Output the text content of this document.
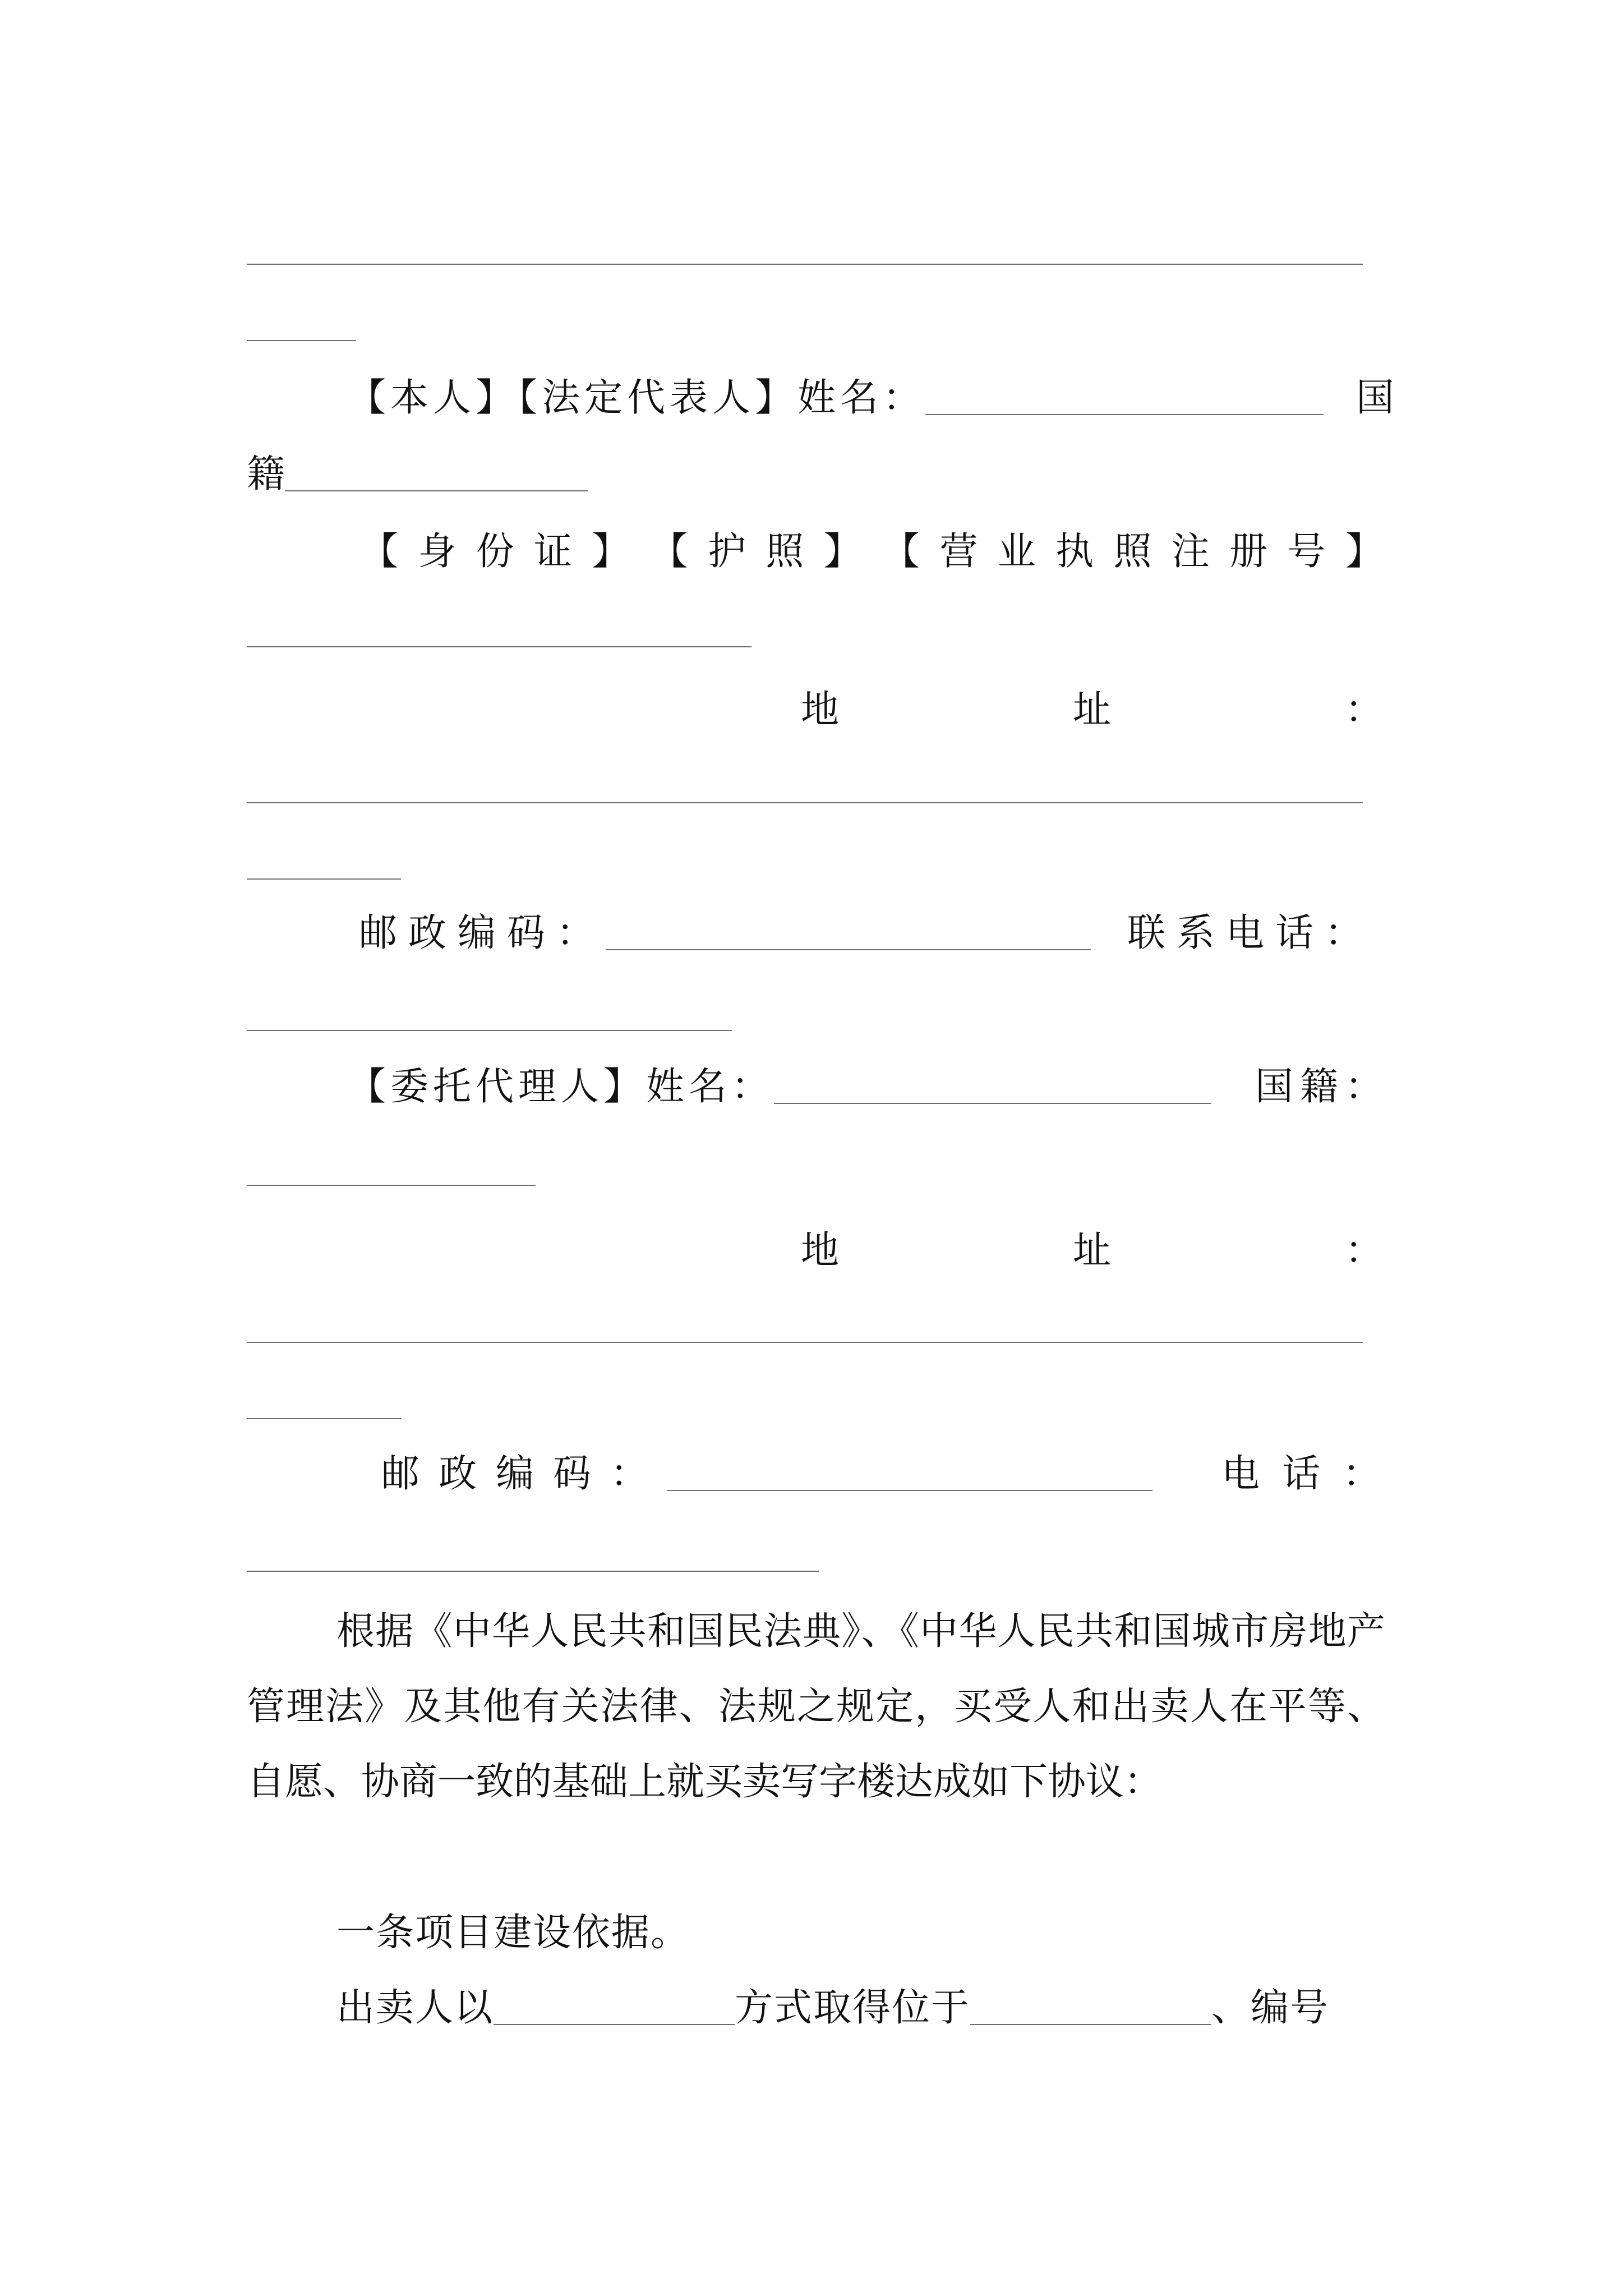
【本人】【法定代表人】姓名：	国
籍
【 身 份 证 】 【 护 照 】 【 营 业 执 照 注 册 号 】
地	址	：
邮政编码：	联系电话：
【委托代理人】姓名：	国籍：
地	址	：
邮政编码：	电话：
根据《中华人民共和国民法典》、《中华人民共和国城市房地产管理法》及其他有关法律、法规之规定，买受人和出卖人在平等、自愿、协商一致的基础上就买卖写字楼达成如下协议：
一条项目建设依据。
出卖人以	方式取得位于	、编号
